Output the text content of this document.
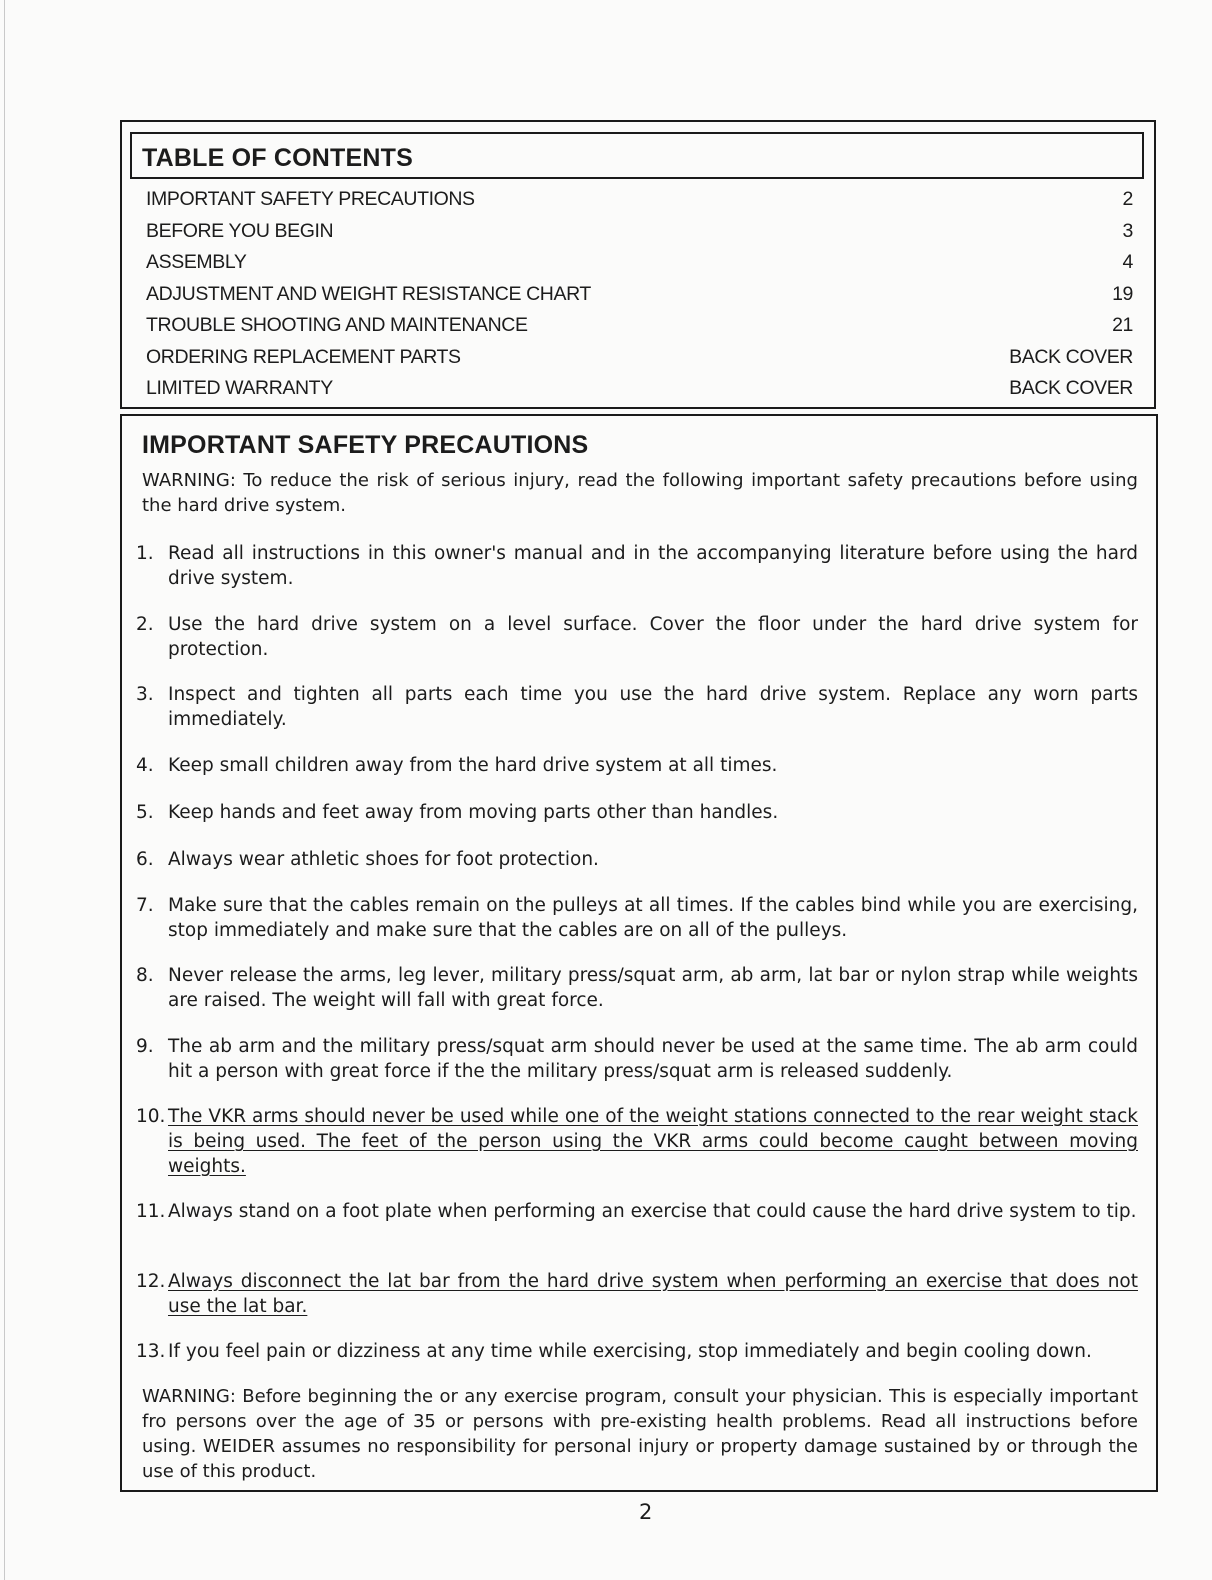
TABLE OF CONTENTS
IMPORTANT SAFETY PRECAUTIONS	2
BEFORE YOU BEGIN	3
ASSEMBLY	4
ADJUSTMENT AND WEIGHT RESISTANCE CHART	19
TROUBLE SHOOTING AND MAINTENANCE	21
ORDERING REPLACEMENT PARTS	BACK COVER
LIMITED WARRANTY	BACK COVER
IMPORTANT SAFETY PRECAUTIONS

WARNING: To reduce the risk of serious injury, read the following important safety precautions before using the hard drive system.

1. Read all instructions in this owner's manual and in the accompanying literature before using the hard drive system.
2. Use the hard drive system on a level surface. Cover the floor under the hard drive system for protection.
3. Inspect and tighten all parts each time you use the hard drive system. Replace any worn parts immediately.
4. Keep small children away from the hard drive system at all times.
5. Keep hands and feet away from moving parts other than handles.
6. Always wear athletic shoes for foot protection.
7. Make sure that the cables remain on the pulleys at all times. If the cables bind while you are exercising, stop immediately and make sure that the cables are on all of the pulleys.
8. Never release the arms, leg lever, military press/squat arm, ab arm, lat bar or nylon strap while weights are raised. The weight will fall with great force.
9. The ab arm and the military press/squat arm should never be used at the same time. The ab arm could hit a person with great force if the the military press/squat arm is released suddenly.
10. The VKR arms should never be used while one of the weight stations connected to the rear weight stack is being used. The feet of the person using the VKR arms could become caught between moving weights.
11. Always stand on a foot plate when performing an exercise that could cause the hard drive system to tip.
12. Always disconnect the lat bar from the hard drive system when performing an exercise that does not use the lat bar.
13. If you feel pain or dizziness at any time while exercising, stop immediately and begin cooling down.

WARNING: Before beginning the or any exercise program, consult your physician. This is especially important fro persons over the age of 35 or persons with pre-existing health problems. Read all instructions before using. WEIDER assumes no responsibility for personal injury or property damage sustained by or through the use of this product.

2
